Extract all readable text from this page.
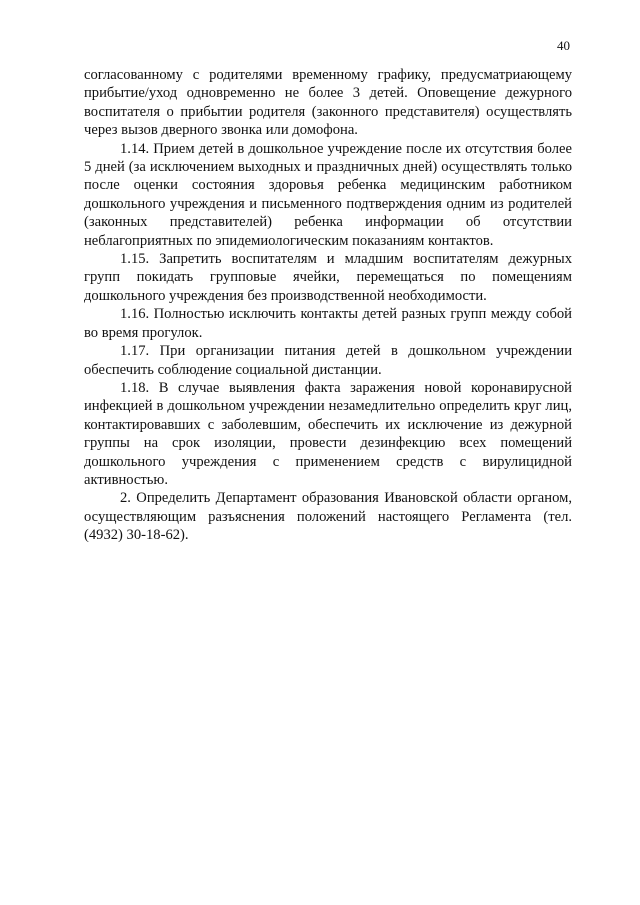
40

согласованному с родителями временному графику, предусматриающему прибытие/уход одновременно не более 3 детей. Оповещение дежурного воспитателя о прибытии родителя (законного представителя) осуществлять через вызов дверного звонка или домофона.

1.14. Прием детей в дошкольное учреждение после их отсутствия более 5 дней (за исключением выходных и праздничных дней) осуществлять только после оценки состояния здоровья ребенка медицинским работником дошкольного учреждения и письменного подтверждения одним из родителей (законных представителей) ребенка информации об отсутствии неблагоприятных по эпидемиологическим показаниям контактов.

1.15. Запретить воспитателям и младшим воспитателям дежурных групп покидать групповые ячейки, перемещаться по помещениям дошкольного учреждения без производственной необходимости.

1.16. Полностью исключить контакты детей разных групп между собой во время прогулок.

1.17. При организации питания детей в дошкольном учреждении обеспечить соблюдение социальной дистанции.

1.18. В случае выявления факта заражения новой коронавирусной инфекцией в дошкольном учреждении незамедлительно определить круг лиц, контактировавших с заболевшим, обеспечить их исключение из дежурной группы на срок изоляции, провести дезинфекцию всех помещений дошкольного учреждения с применением средств с вирулицидной активностью.

2. Определить Департамент образования Ивановской области органом, осуществляющим разъяснения положений настоящего Регламента (тел. (4932) 30-18-62).
